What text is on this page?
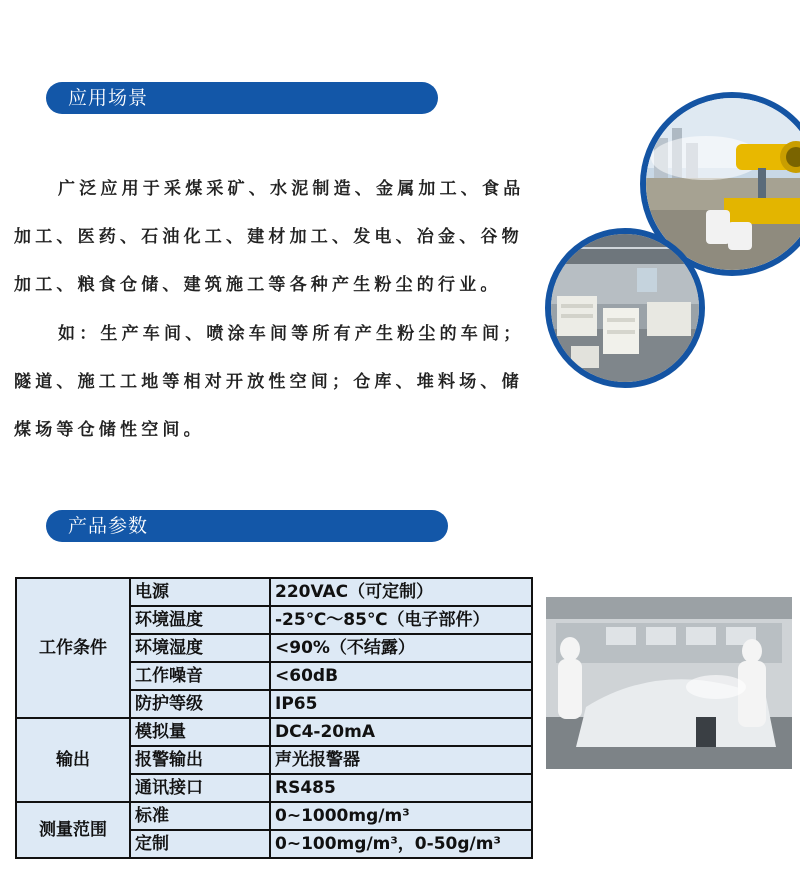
应用场景
广泛应用于采煤采矿、水泥制造、金属加工、食品加工、医药、石油化工、建材加工、发电、冶金、谷物加工、粮食仓储、建筑施工等各种产生粉尘的行业。
如：生产车间、喷涂车间等所有产生粉尘的车间；隧道、施工工地等相对开放性空间；仓库、堆料场、储煤场等仓储性空间。
产品参数
工作条件	电源	220VAC（可定制）
	环境温度	-25℃～85℃（电子部件）
	环境湿度	<90%（不结露）
	工作噪音	<60dB
	防护等级	IP65
输出	模拟量	DC4-20mA
	报警输出	声光报警器
	通讯接口	RS485
测量范围	标准	0~1000mg/m³
	定制	0~100mg/m³，0-50g/m³
